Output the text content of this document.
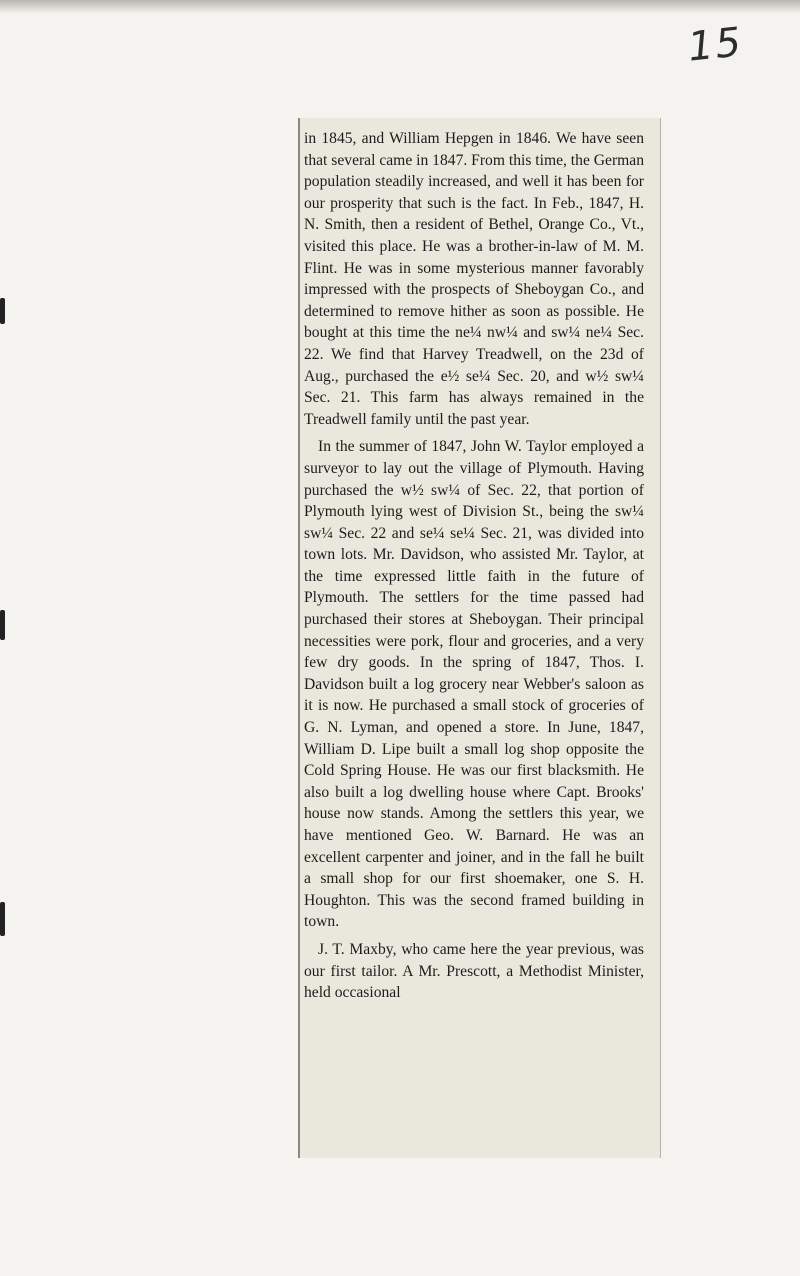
15

in 1845, and William Hepgen in 1846. We have seen that several came in 1847. From this time, the German population steadily increased, and well it has been for our prosperity that such is the fact. In Feb., 1847, H. N. Smith, then a resident of Bethel, Orange Co., Vt., visited this place. He was a brother-in-law of M. M. Flint. He was in some mysterious manner favorably impressed with the prospects of Sheboygan Co., and determined to remove hither as soon as possible. He bought at this time the ne¼ nw¼ and sw¼ ne¼ Sec. 22. We find that Harvey Treadwell, on the 23d of Aug., purchased the e½ se¼ Sec. 20, and w½ sw¼ Sec. 21. This farm has always remained in the Treadwell family until the past year.

In the summer of 1847, John W. Taylor employed a surveyor to lay out the village of Plymouth. Having purchased the w½ sw¼ of Sec. 22, that portion of Plymouth lying west of Division St., being the sw¼ sw¼ Sec. 22 and se¼ se¼ Sec. 21, was divided into town lots. Mr. Davidson, who assisted Mr. Taylor, at the time expressed little faith in the future of Plymouth. The settlers for the time passed had purchased their stores at Sheboygan. Their principal necessities were pork, flour and groceries, and a very few dry goods. In the spring of 1847, Thos. I. Davidson built a log grocery near Webber's saloon as it is now. He purchased a small stock of groceries of G. N. Lyman, and opened a store. In June, 1847, William D. Lipe built a small log shop opposite the Cold Spring House. He was our first blacksmith. He also built a log dwelling house where Capt. Brooks' house now stands. Among the settlers this year, we have mentioned Geo. W. Barnard. He was an excellent carpenter and joiner, and in the fall he built a small shop for our first shoemaker, one S. H. Houghton. This was the second framed building in town.

J. T. Maxby, who came here the year previous, was our first tailor. A Mr. Prescott, a Methodist Minister, held occasional
